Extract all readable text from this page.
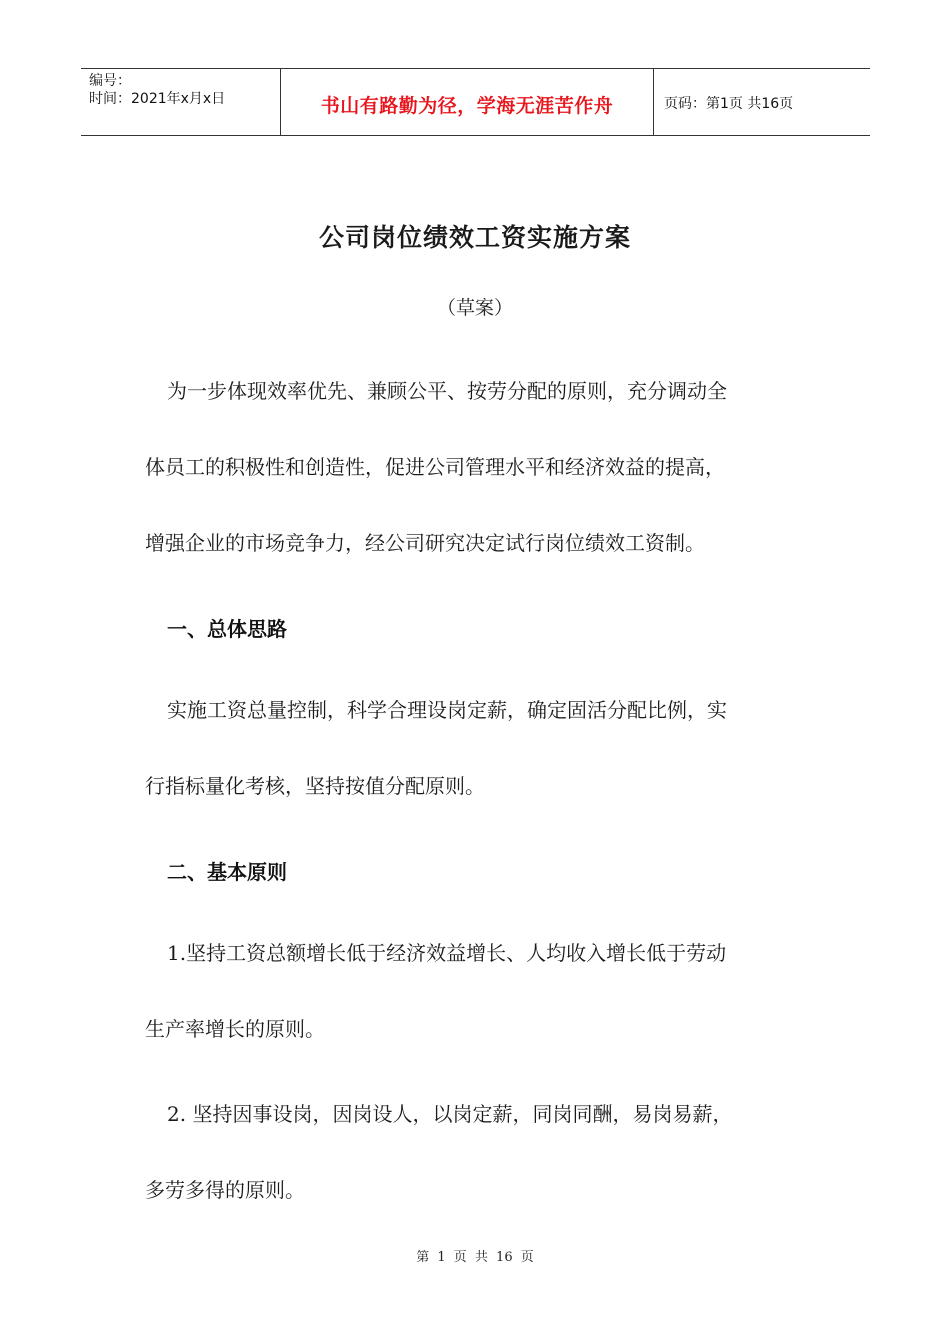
编号：
时间：2021年x月x日	书山有路勤为径，学海无涯苦作舟	页码：第1页 共16页
公司岗位绩效工资实施方案
（草案）
为一步体现效率优先、兼顾公平、按劳分配的原则，充分调动全
体员工的积极性和创造性，促进公司管理水平和经济效益的提高，
增强企业的市场竞争力，经公司研究决定试行岗位绩效工资制。
一、总体思路
实施工资总量控制，科学合理设岗定薪，确定固活分配比例，实
行指标量化考核，坚持按值分配原则。
二、基本原则
1.坚持工资总额增长低于经济效益增长、人均收入增长低于劳动
生产率增长的原则。
2. 坚持因事设岗，因岗设人，以岗定薪，同岗同酬，易岗易薪，
多劳多得的原则。
第 1 页 共 16 页
